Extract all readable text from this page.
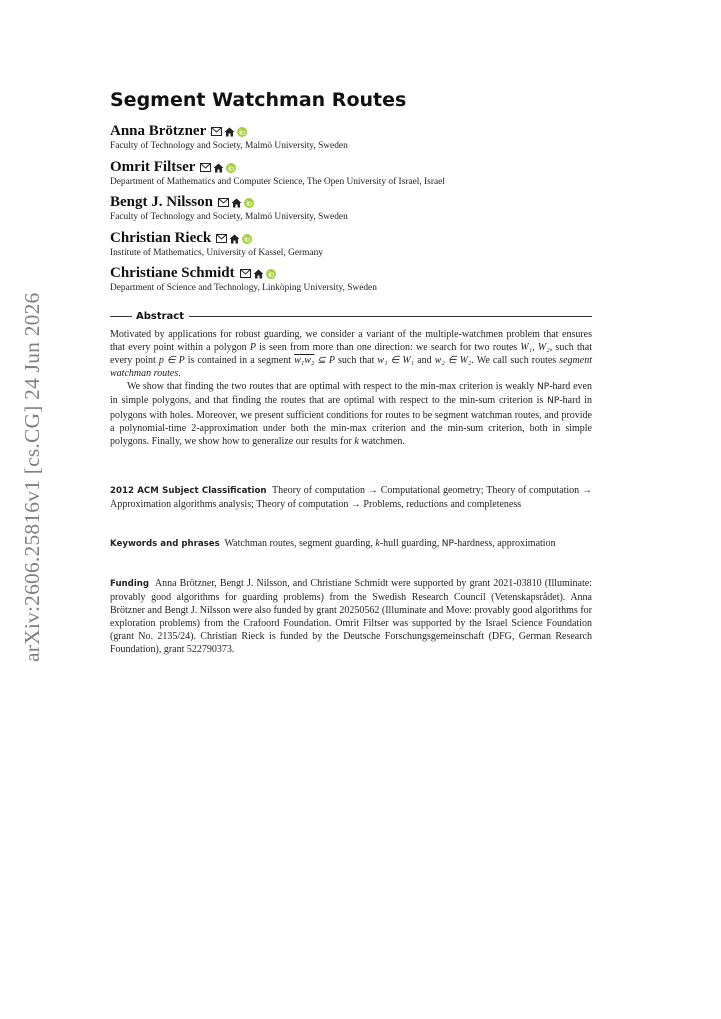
arXiv:2606.25816v1 [cs.CG] 24 Jun 2026
Segment Watchman Routes
Anna Brötzner
Faculty of Technology and Society, Malmö University, Sweden
Omrit Filtser
Department of Mathematics and Computer Science, The Open University of Israel, Israel
Bengt J. Nilsson
Faculty of Technology and Society, Malmö University, Sweden
Christian Rieck
Institute of Mathematics, University of Kassel, Germany
Christiane Schmidt
Department of Science and Technology, Linköping University, Sweden
Abstract

Motivated by applications for robust guarding, we consider a variant of the multiple-watchmen problem that ensures that every point within a polygon P is seen from more than one direction: we search for two routes W₁, W₂, such that every point p ∈ P is contained in a segment w₁w₂ ⊆ P such that w₁ ∈ W₁ and w₂ ∈ W₂. We call such routes segment watchman routes.

We show that finding the two routes that are optimal with respect to the min-max criterion is weakly NP-hard even in simple polygons, and that finding the routes that are optimal with respect to the min-sum criterion is NP-hard in polygons with holes. Moreover, we present sufficient conditions for routes to be segment watchman routes, and provide a polynomial-time 2-approximation under both the min-max criterion and the min-sum criterion, both in simple polygons. Finally, we show how to generalize our results for k watchmen.

2012 ACM Subject Classification Theory of computation → Computational geometry; Theory of computation → Approximation algorithms analysis; Theory of computation → Problems, reductions and completeness

Keywords and phrases Watchman routes, segment guarding, k-hull guarding, NP-hardness, approximation

Funding Anna Brötzner, Bengt J. Nilsson, and Christiane Schmidt were supported by grant 2021-03810 (Illuminate: provably good algorithms for guarding problems) from the Swedish Research Council (Vetenskapsrådet). Anna Brötzner and Bengt J. Nilsson were also funded by grant 20250562 (Illuminate and Move: provably good algorithms for exploration problems) from the Crafoord Foundation. Omrit Filtser was supported by the Israel Science Foundation (grant No. 2135/24). Christian Rieck is funded by the Deutsche Forschungsgemeinschaft (DFG, German Research Foundation), grant 522790373.
